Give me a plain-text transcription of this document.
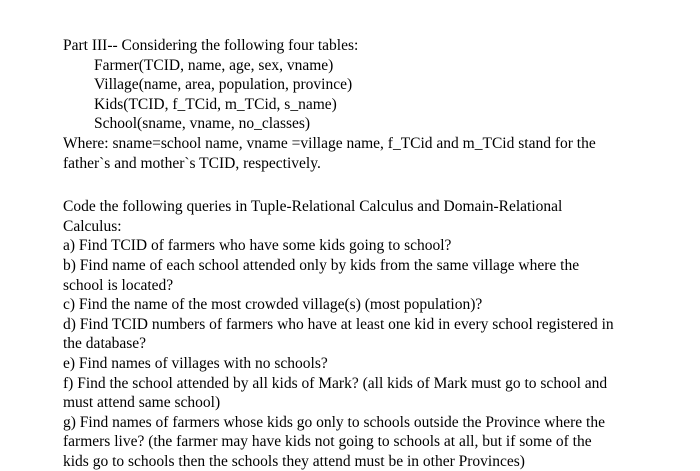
Part III-- Considering the following four tables:
Farmer(TCID, name, age, sex, vname)
Village(name, area, population, province)
Kids(TCID, f_TCid, m_TCid, s_name)
School(sname, vname, no_classes)
Where: sname=school name, vname =village name, f_TCid and m_TCid stand for the
father`s and mother`s TCID, respectively.
Code the following queries in Tuple-Relational Calculus and Domain-Relational
Calculus:
a) Find TCID of farmers who have some kids going to school?
b) Find name of each school attended only by kids from the same village where the
school is located?
c) Find the name of the most crowded village(s) (most population)?
d) Find TCID numbers of farmers who have at least one kid in every school registered in
the database?
e) Find names of villages with no schools?
f) Find the school attended by all kids of Mark? (all kids of Mark must go to school and
must attend same school)
g) Find names of farmers whose kids go only to schools outside the Province where the
farmers live? (the farmer may have kids not going to schools at all, but if some of the
kids go to schools then the schools they attend must be in other Provinces)
